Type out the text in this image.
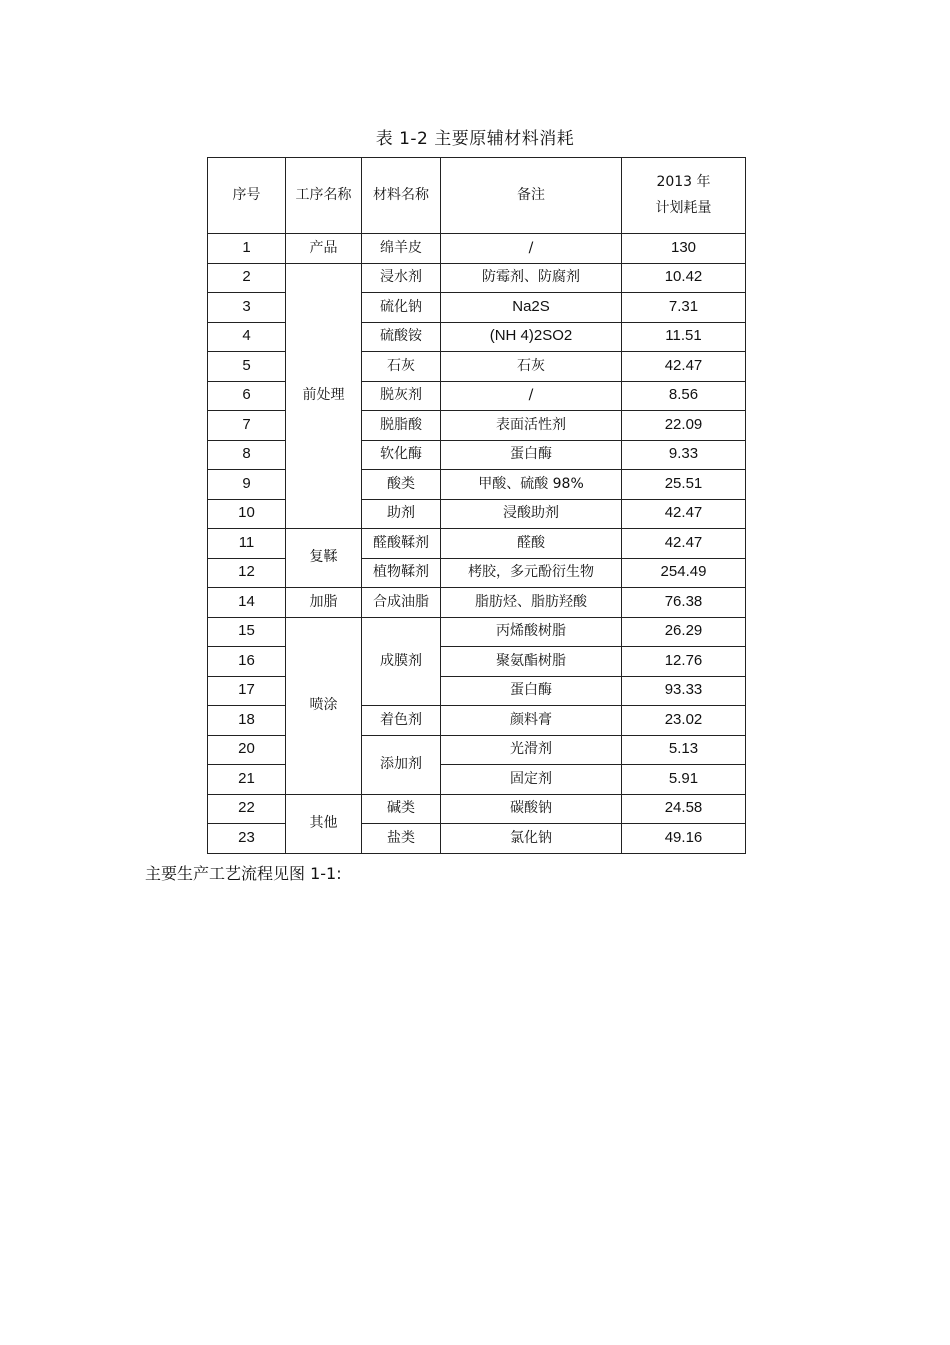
表 1-2 主要原辅材料消耗
序号	工序名称	材料名称	备注	2013 年
计划耗量

1	产品	绵羊皮	/	130
2	前处理	浸水剂	防霉剂、防腐剂	10.42
3		硫化钠	Na2S	7.31
4		硫酸铵	(NH 4)2SO2	11.51
5		石灰	石灰	42.47
6		脱灰剂	/	8.56
7		脱脂酸	表面活性剂	22.09
8		软化酶	蛋白酶	9.33
9		酸类	甲酸、硫酸 98%	25.51
10		助剂	浸酸助剂	42.47
11	复鞣	醛酸鞣剂	醛酸	42.47
12		植物鞣剂	栲胶，多元酚衍生物	254.49
14	加脂	合成油脂	脂肪烃、脂肪羟酸	76.38
15	喷涂	成膜剂	丙烯酸树脂	26.29
16			聚氨酯树脂	12.76
17			蛋白酶	93.33
18		着色剂	颜料膏	23.02
20		添加剂	光滑剂	5.13
21			固定剂	5.91
22	其他	碱类	碳酸钠	24.58
23		盐类	氯化钠	49.16
主要生产工艺流程见图 1-1:
